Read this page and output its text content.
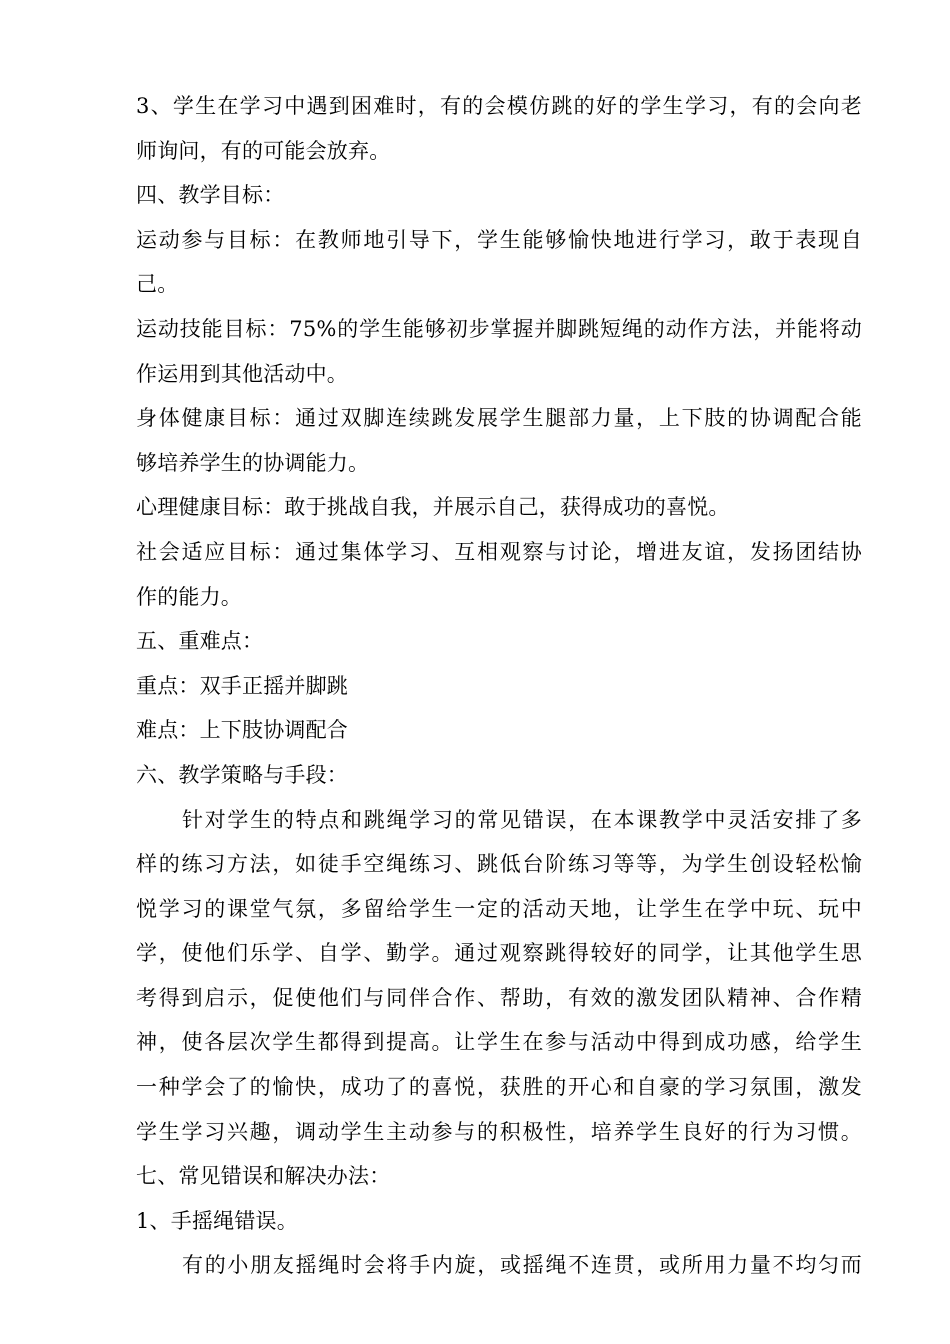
3、学生在学习中遇到困难时，有的会模仿跳的好的学生学习，有的会向老
师询问，有的可能会放弃。
四、教学目标：
运动参与目标：在教师地引导下，学生能够愉快地进行学习，敢于表现自
己。
运动技能目标：75%的学生能够初步掌握并脚跳短绳的动作方法，并能将动
作运用到其他活动中。
身体健康目标：通过双脚连续跳发展学生腿部力量，上下肢的协调配合能
够培养学生的协调能力。
心理健康目标：敢于挑战自我，并展示自己，获得成功的喜悦。
社会适应目标：通过集体学习、互相观察与讨论，增进友谊，发扬团结协
作的能力。
五、重难点：
重点：双手正摇并脚跳
难点：上下肢协调配合
六、教学策略与手段：
针对学生的特点和跳绳学习的常见错误，在本课教学中灵活安排了多
样的练习方法，如徒手空绳练习、跳低台阶练习等等，为学生创设轻松愉
悦学习的课堂气氛，多留给学生一定的活动天地，让学生在学中玩、玩中
学，使他们乐学、自学、勤学。通过观察跳得较好的同学，让其他学生思
考得到启示，促使他们与同伴合作、帮助，有效的激发团队精神、合作精
神，使各层次学生都得到提高。让学生在参与活动中得到成功感，给学生
一种学会了的愉快，成功了的喜悦，获胜的开心和自豪的学习氛围，激发
学生学习兴趣，调动学生主动参与的积极性，培养学生良好的行为习惯。
七、常见错误和解决办法：
1、手摇绳错误。
有的小朋友摇绳时会将手内旋，或摇绳不连贯，或所用力量不均匀而
